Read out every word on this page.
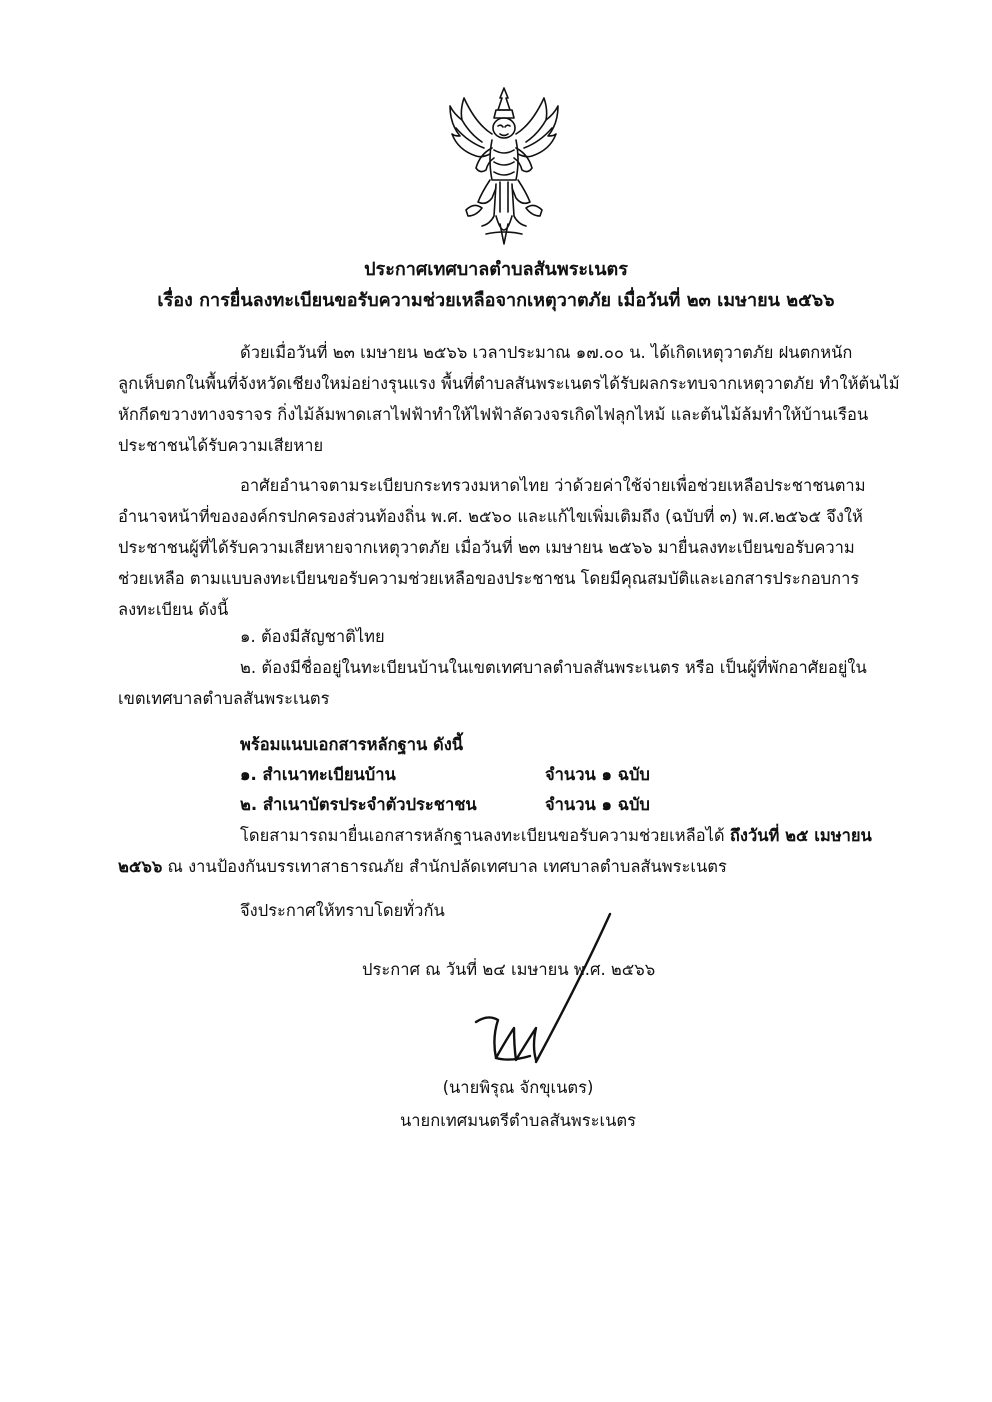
ประกาศเทศบาลตำบลสันพระเนตร
เรื่อง การยื่นลงทะเบียนขอรับความช่วยเหลือจากเหตุวาตภัย เมื่อวันที่ ๒๓ เมษายน ๒๕๖๖

ด้วยเมื่อวันที่ ๒๓ เมษายน ๒๕๖๖ เวลาประมาณ ๑๗.๐๐ น. ได้เกิดเหตุวาตภัย ฝนตกหนัก

ลูกเห็บตกในพื้นที่จังหวัดเชียงใหม่อย่างรุนแรง พื้นที่ตำบลสันพระเนตรได้รับผลกระทบจากเหตุวาตภัย ทำให้ต้นไม้

หักกีดขวางทางจราจร กิ่งไม้ล้มพาดเสาไฟฟ้าทำให้ไฟฟ้าลัดวงจรเกิดไฟลุกไหม้ และต้นไม้ล้มทำให้บ้านเรือน

ประชาชนได้รับความเสียหาย

อาศัยอำนาจตามระเบียบกระทรวงมหาดไทย ว่าด้วยค่าใช้จ่ายเพื่อช่วยเหลือประชาชนตาม

อำนาจหน้าที่ขององค์กรปกครองส่วนท้องถิ่น พ.ศ. ๒๕๖๐ และแก้ไขเพิ่มเติมถึง (ฉบับที่ ๓) พ.ศ.๒๕๖๕ จึงให้

ประชาชนผู้ที่ได้รับความเสียหายจากเหตุวาตภัย เมื่อวันที่ ๒๓ เมษายน ๒๕๖๖ มายื่นลงทะเบียนขอรับความ

ช่วยเหลือ ตามแบบลงทะเบียนขอรับความช่วยเหลือของประชาชน โดยมีคุณสมบัติและเอกสารประกอบการ

ลงทะเบียน ดังนี้

๑. ต้องมีสัญชาติไทย

๒. ต้องมีชื่ออยู่ในทะเบียนบ้านในเขตเทศบาลตำบลสันพระเนตร หรือ เป็นผู้ที่พักอาศัยอยู่ใน

เขตเทศบาลตำบลสันพระเนตร

พร้อมแนบเอกสารหลักฐาน ดังนี้
๑. สำเนาทะเบียนบ้าน	จำนวน ๑ ฉบับ
๒. สำเนาบัตรประจำตัวประชาชน	จำนวน ๑ ฉบับ

โดยสามารถมายื่นเอกสารหลักฐานลงทะเบียนขอรับความช่วยเหลือได้ ถึงวันที่ ๒๕ เมษายน

๒๕๖๖ ณ งานป้องกันบรรเทาสาธารณภัย สำนักปลัดเทศบาล เทศบาลตำบลสันพระเนตร

จึงประกาศให้ทราบโดยทั่วกัน

ประกาศ ณ วันที่ ๒๔ เมษายน พ.ศ. ๒๕๖๖
(นายพิรุณ จักขุเนตร)
นายกเทศมนตรีตำบลสันพระเนตร
